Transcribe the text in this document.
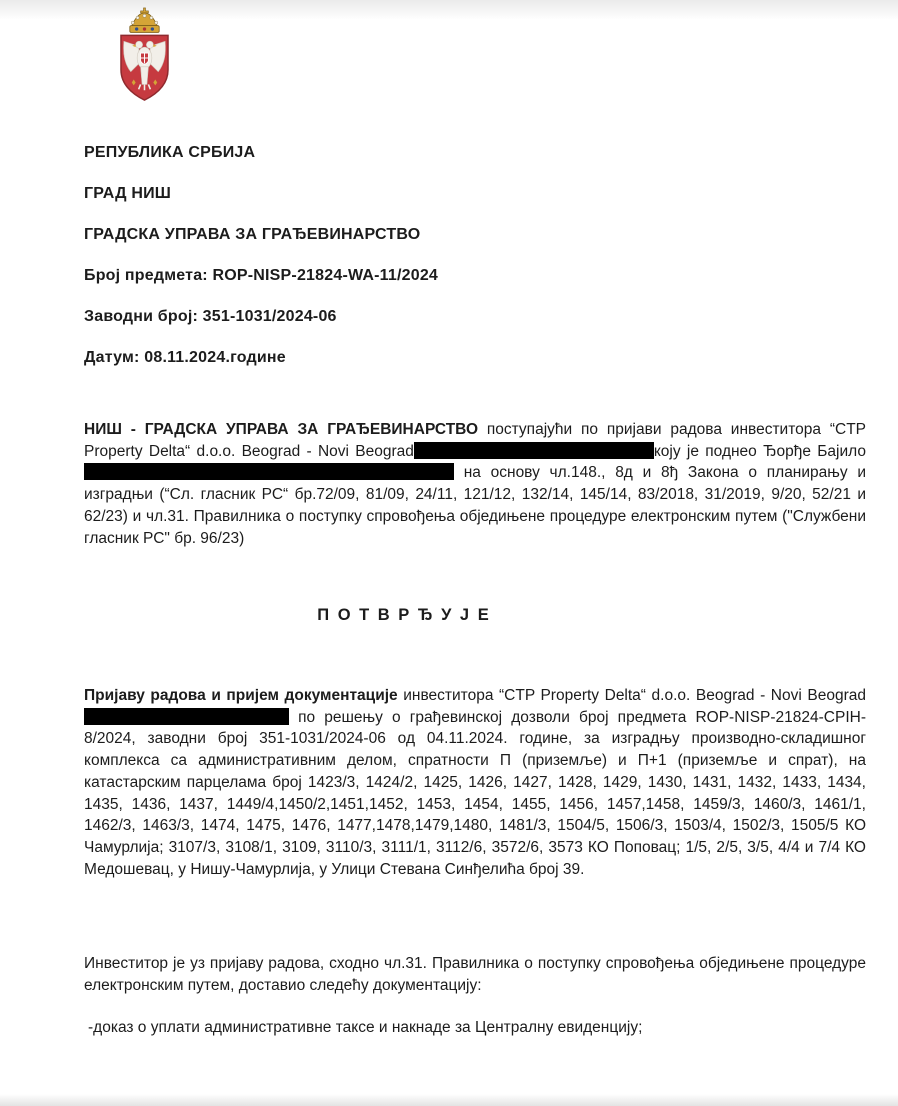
РЕПУБЛИКА СРБИЈА

ГРАД НИШ

ГРАДСКА УПРАВА ЗА ГРАЂЕВИНАРСТВО

Број предмета: ROP-NISP-21824-WA-11/2024

Заводни број: 351-1031/2024-06

Датум: 08.11.2024.године

НИШ - ГРАДСКА УПРАВА ЗА ГРАЂЕВИНАРСТВО поступајући по пријави радова инвеститора “CTP Property Delta“ d.o.o. Beograd - Novi Beograd	коју је поднео Ђорђе Бајило  на основу чл.148., 8д и 8ђ Закона о планирању и изградњи (“Сл. гласник РС“ бр.72/09, 81/09, 24/11, 121/12, 132/14, 145/14, 83/2018, 31/2019, 9/20, 52/21 и 62/23) и чл.31. Правилника о поступку спровођења обједињене процедуре електронским путем ("Службени гласник РС" бр. 96/23)
П О Т В Р Ђ У Ј Е
Пријаву радова и пријем документације инвеститора “CTP Property Delta“ d.o.o. Beograd - Novi Beograd по решењу о грађевинској дозволи број предмета ROP-NISP-21824-CPIH-8/2024, заводни број 351-1031/2024-06 од 04.11.2024. године, за изградњу производно-складишног комплекса са административним делом, спратности П (приземље) и П+1 (приземље и спрат), на катастарским парцелама број 1423/3, 1424/2, 1425, 1426, 1427, 1428, 1429, 1430, 1431, 1432, 1433, 1434, 1435, 1436, 1437, 1449/4,1450/2,1451,1452, 1453, 1454, 1455, 1456, 1457,1458, 1459/3, 1460/3, 1461/1, 1462/3, 1463/3, 1474, 1475, 1476, 1477,1478,1479,1480, 1481/3, 1504/5, 1506/3, 1503/4, 1502/3, 1505/5 КО Чамурлија; 3107/3, 3108/1, 3109, 3110/3, 3111/1, 3112/6, 3572/6, 3573 КО Поповац; 1/5, 2/5, 3/5, 4/4 и 7/4 КО Медошевац, у Нишу-Чамурлија, у Улици Стевана Синђелића број 39.
Инвеститор је уз пријаву радова, сходно чл.31. Правилника о поступку спровођења обједињене процедуре електронским путем, доставио следећу документацију:
-доказ о уплати административне таксе и накнаде за Централну евиденцију;
